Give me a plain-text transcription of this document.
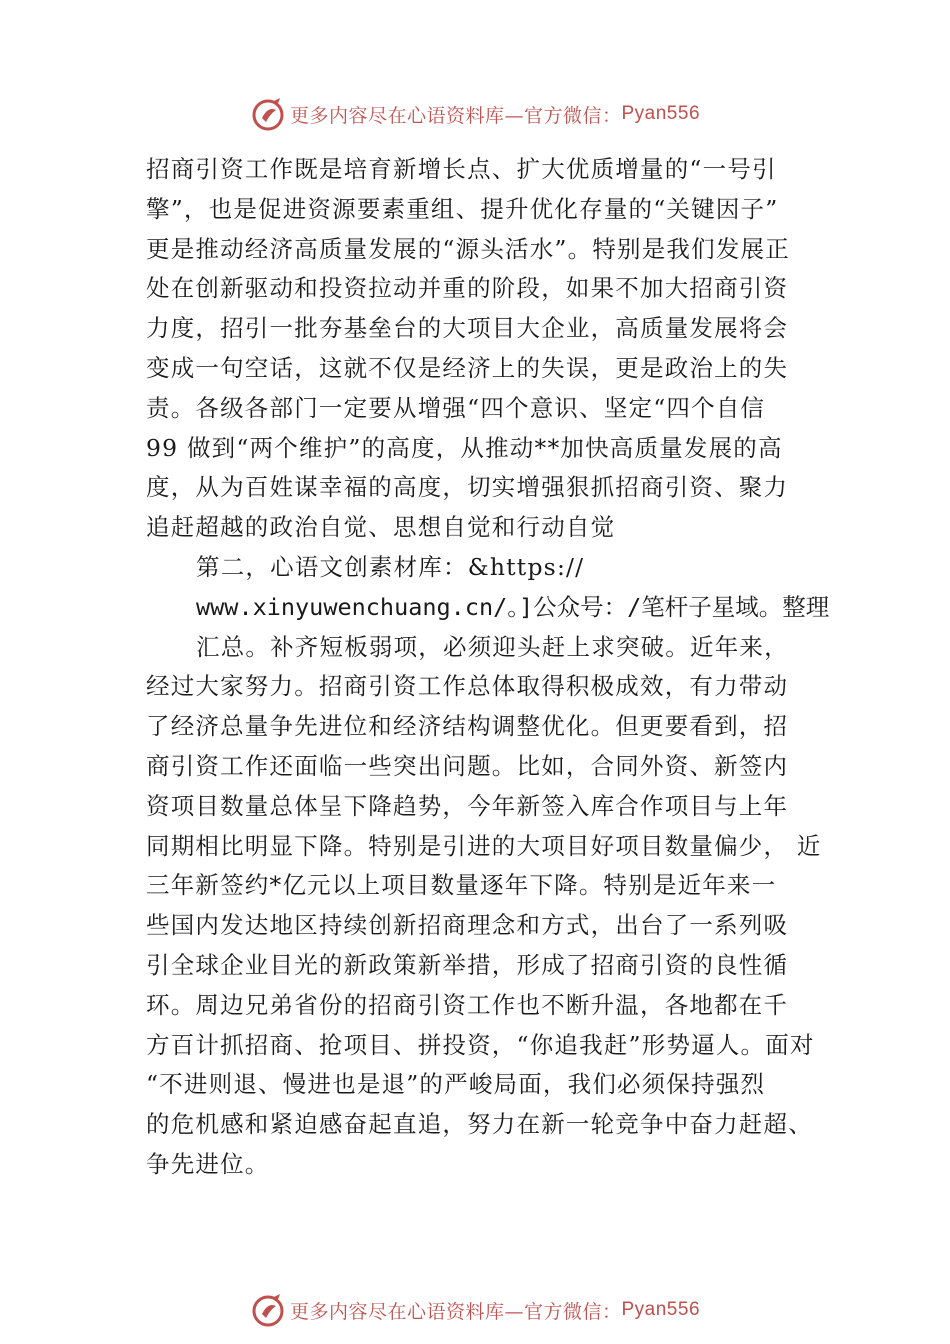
更多内容尽在心语资料库—官方微信： Pyan556
招商引资工作既是培育新增长点、扩大优质增量的“一号引
擎”，也是促进资源要素重组、提升优化存量的“关键因子”
更是推动经济高质量发展的“源头活水”。特别是我们发展正
处在创新驱动和投资拉动并重的阶段，如果不加大招商引资
力度，招引一批夯基垒台的大项目大企业，高质量发展将会
变成一句空话，这就不仅是经济上的失误，更是政治上的失
责。各级各部门一定要从增强“四个意识、坚定“四个自信
99 做到“两个维护”的高度，从推动**加快高质量发展的高
度，从为百姓谋幸福的高度，切实增强狠抓招商引资、聚力
追赶超越的政治自觉、思想自觉和行动自觉
第二，心语文创素材库：&https://
www.xinyuwenchuang.cn/。]公众号：/笔杆子星域。整理
汇总。补齐短板弱项，必须迎头赶上求突破。近年来，
经过大家努力。招商引资工作总体取得积极成效，有力带动
了经济总量争先进位和经济结构调整优化。但更要看到，招
商引资工作还面临一些突出问题。比如，合同外资、新签内
资项目数量总体呈下降趋势，今年新签入库合作项目与上年
同期相比明显下降。特别是引进的大项目好项目数量偏少， 近
三年新签约*亿元以上项目数量逐年下降。特别是近年来一
些国内发达地区持续创新招商理念和方式，出台了一系列吸
引全球企业目光的新政策新举措，形成了招商引资的良性循
环。周边兄弟省份的招商引资工作也不断升温，各地都在千
方百计抓招商、抢项目、拼投资，“你追我赶”形势逼人。面对
“不进则退、慢进也是退”的严峻局面，我们必须保持强烈
的危机感和紧迫感奋起直追，努力在新一轮竞争中奋力赶超、
争先进位。
更多内容尽在心语资料库—官方微信： Pyan556
